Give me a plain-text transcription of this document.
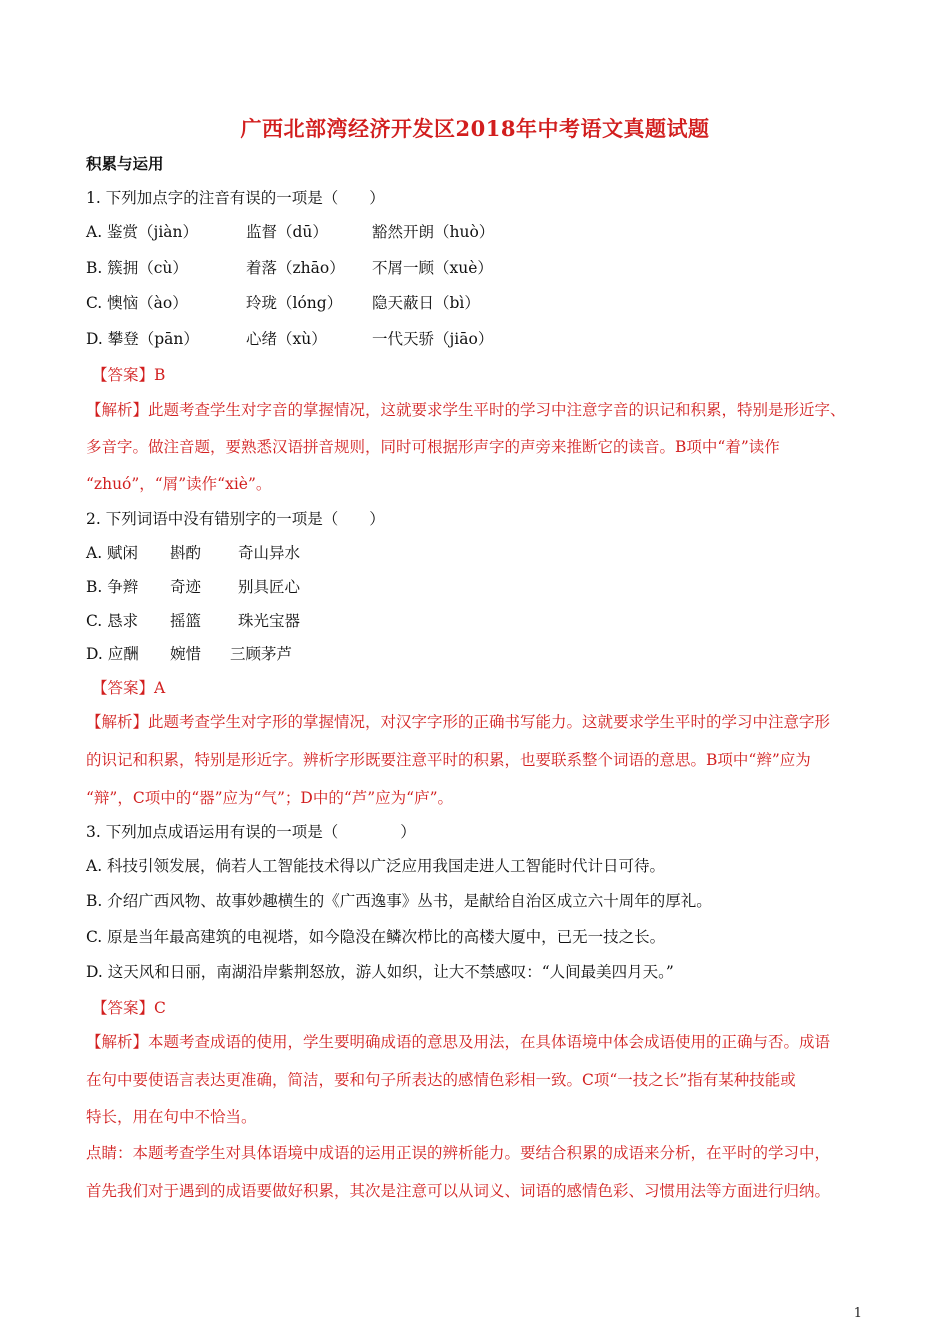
广西北部湾经济开发区2018年中考语文真题试题
积累与运用
1. 下列加点字的注音有误的一项是（　　）
A. 鉴赏（jiàn）	监督（dū）	豁然开朗（huò）
B. 簇拥（cù）	着落（zhāo） 不屑一顾（xuè）
C. 懊恼（ào）	玲珑（lóng） 隐天蔽日（bì）
D. 攀登（pān）	心绪（xù）	一代天骄（jiāo）
【答案】B
【解析】此题考查学生对字音的掌握情况，这就要求学生平时的学习中注意字音的识记和积累，特别是形近字、
多音字。做注音题，要熟悉汉语拼音规则，同时可根据形声字的声旁来推断它的读音。B项中“着”读作
“zhuó”，“屑”读作“xiè”。
2. 下列词语中没有错别字的一项是（　　）
A. 赋闲 斟酌 奇山异水
B. 争辫 奇迹 别具匠心
C. 恳求 摇篮 珠光宝器
D. 应酬 婉惜 三顾茅芦
【答案】A
【解析】此题考查学生对字形的掌握情况，对汉字字形的正确书写能力。这就要求学生平时的学习中注意字形
的识记和积累，特别是形近字。辨析字形既要注意平时的积累，也要联系整个词语的意思。B项中“辫”应为
“辩”，C项中的“器”应为“气”；D中的“芦”应为“庐”。
3. 下列加点成语运用有误的一项是（　　　　）
A. 科技引领发展，倘若人工智能技术得以广泛应用我国走进人工智能时代计日可待。
B. 介绍广西风物、故事妙趣横生的《广西逸事》丛书，是献给自治区成立六十周年的厚礼。
C. 原是当年最高建筑的电视塔，如今隐没在鳞次栉比的高楼大厦中，已无一技之长。
D. 这天风和日丽，南湖沿岸紫荆怒放，游人如织，让大不禁感叹：“人间最美四月天。”
【答案】C
【解析】本题考查成语的使用，学生要明确成语的意思及用法，在具体语境中体会成语使用的正确与否。成语
在句中要使语言表达更准确，简洁，要和句子所表达的感情色彩相一致。C项“一技之长”指有某种技能或
特长，用在句中不恰当。
点睛：本题考查学生对具体语境中成语的运用正误的辨析能力。要结合积累的成语来分析，在平时的学习中，
首先我们对于遇到的成语要做好积累，其次是注意可以从词义、词语的感情色彩、习惯用法等方面进行归纳。
1
